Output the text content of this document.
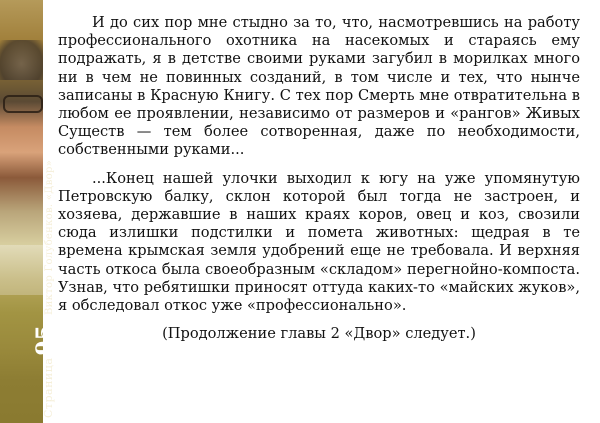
Страница95Виктор Голубенков. «Двор»

И до сих пор мне стыдно за то, что, насмотревшись на работу профессионального охотника на насекомых и стараясь ему подражать, я в детстве своими руками загубил в морилках много ни в чем не повинных созданий, в том числе и тех, что нынче записаны в Красную Книгу. С тех пор Смерть мне отвратительна в любом ее проявлении, независимо от размеров и «рангов» Живых Существ — тем более сотворенная, даже по необходимости, собственными руками...

...Конец нашей улочки выходил к югу на уже упомянутую Петровскую балку, склон которой был тогда не застроен, и хозяева, державшие в наших краях коров, овец и коз, свозили сюда излишки подстилки и помета животных: щедрая в те времена крымская земля удобрений еще не требовала. И верхняя часть откоса была своеобразным «складом» перегнойно-компоста. Узнав, что ребятишки приносят оттуда каких-то «майских жуков», я обследовал откос уже «профессионально».

(Продолжение главы 2 «Двор» следует.)
